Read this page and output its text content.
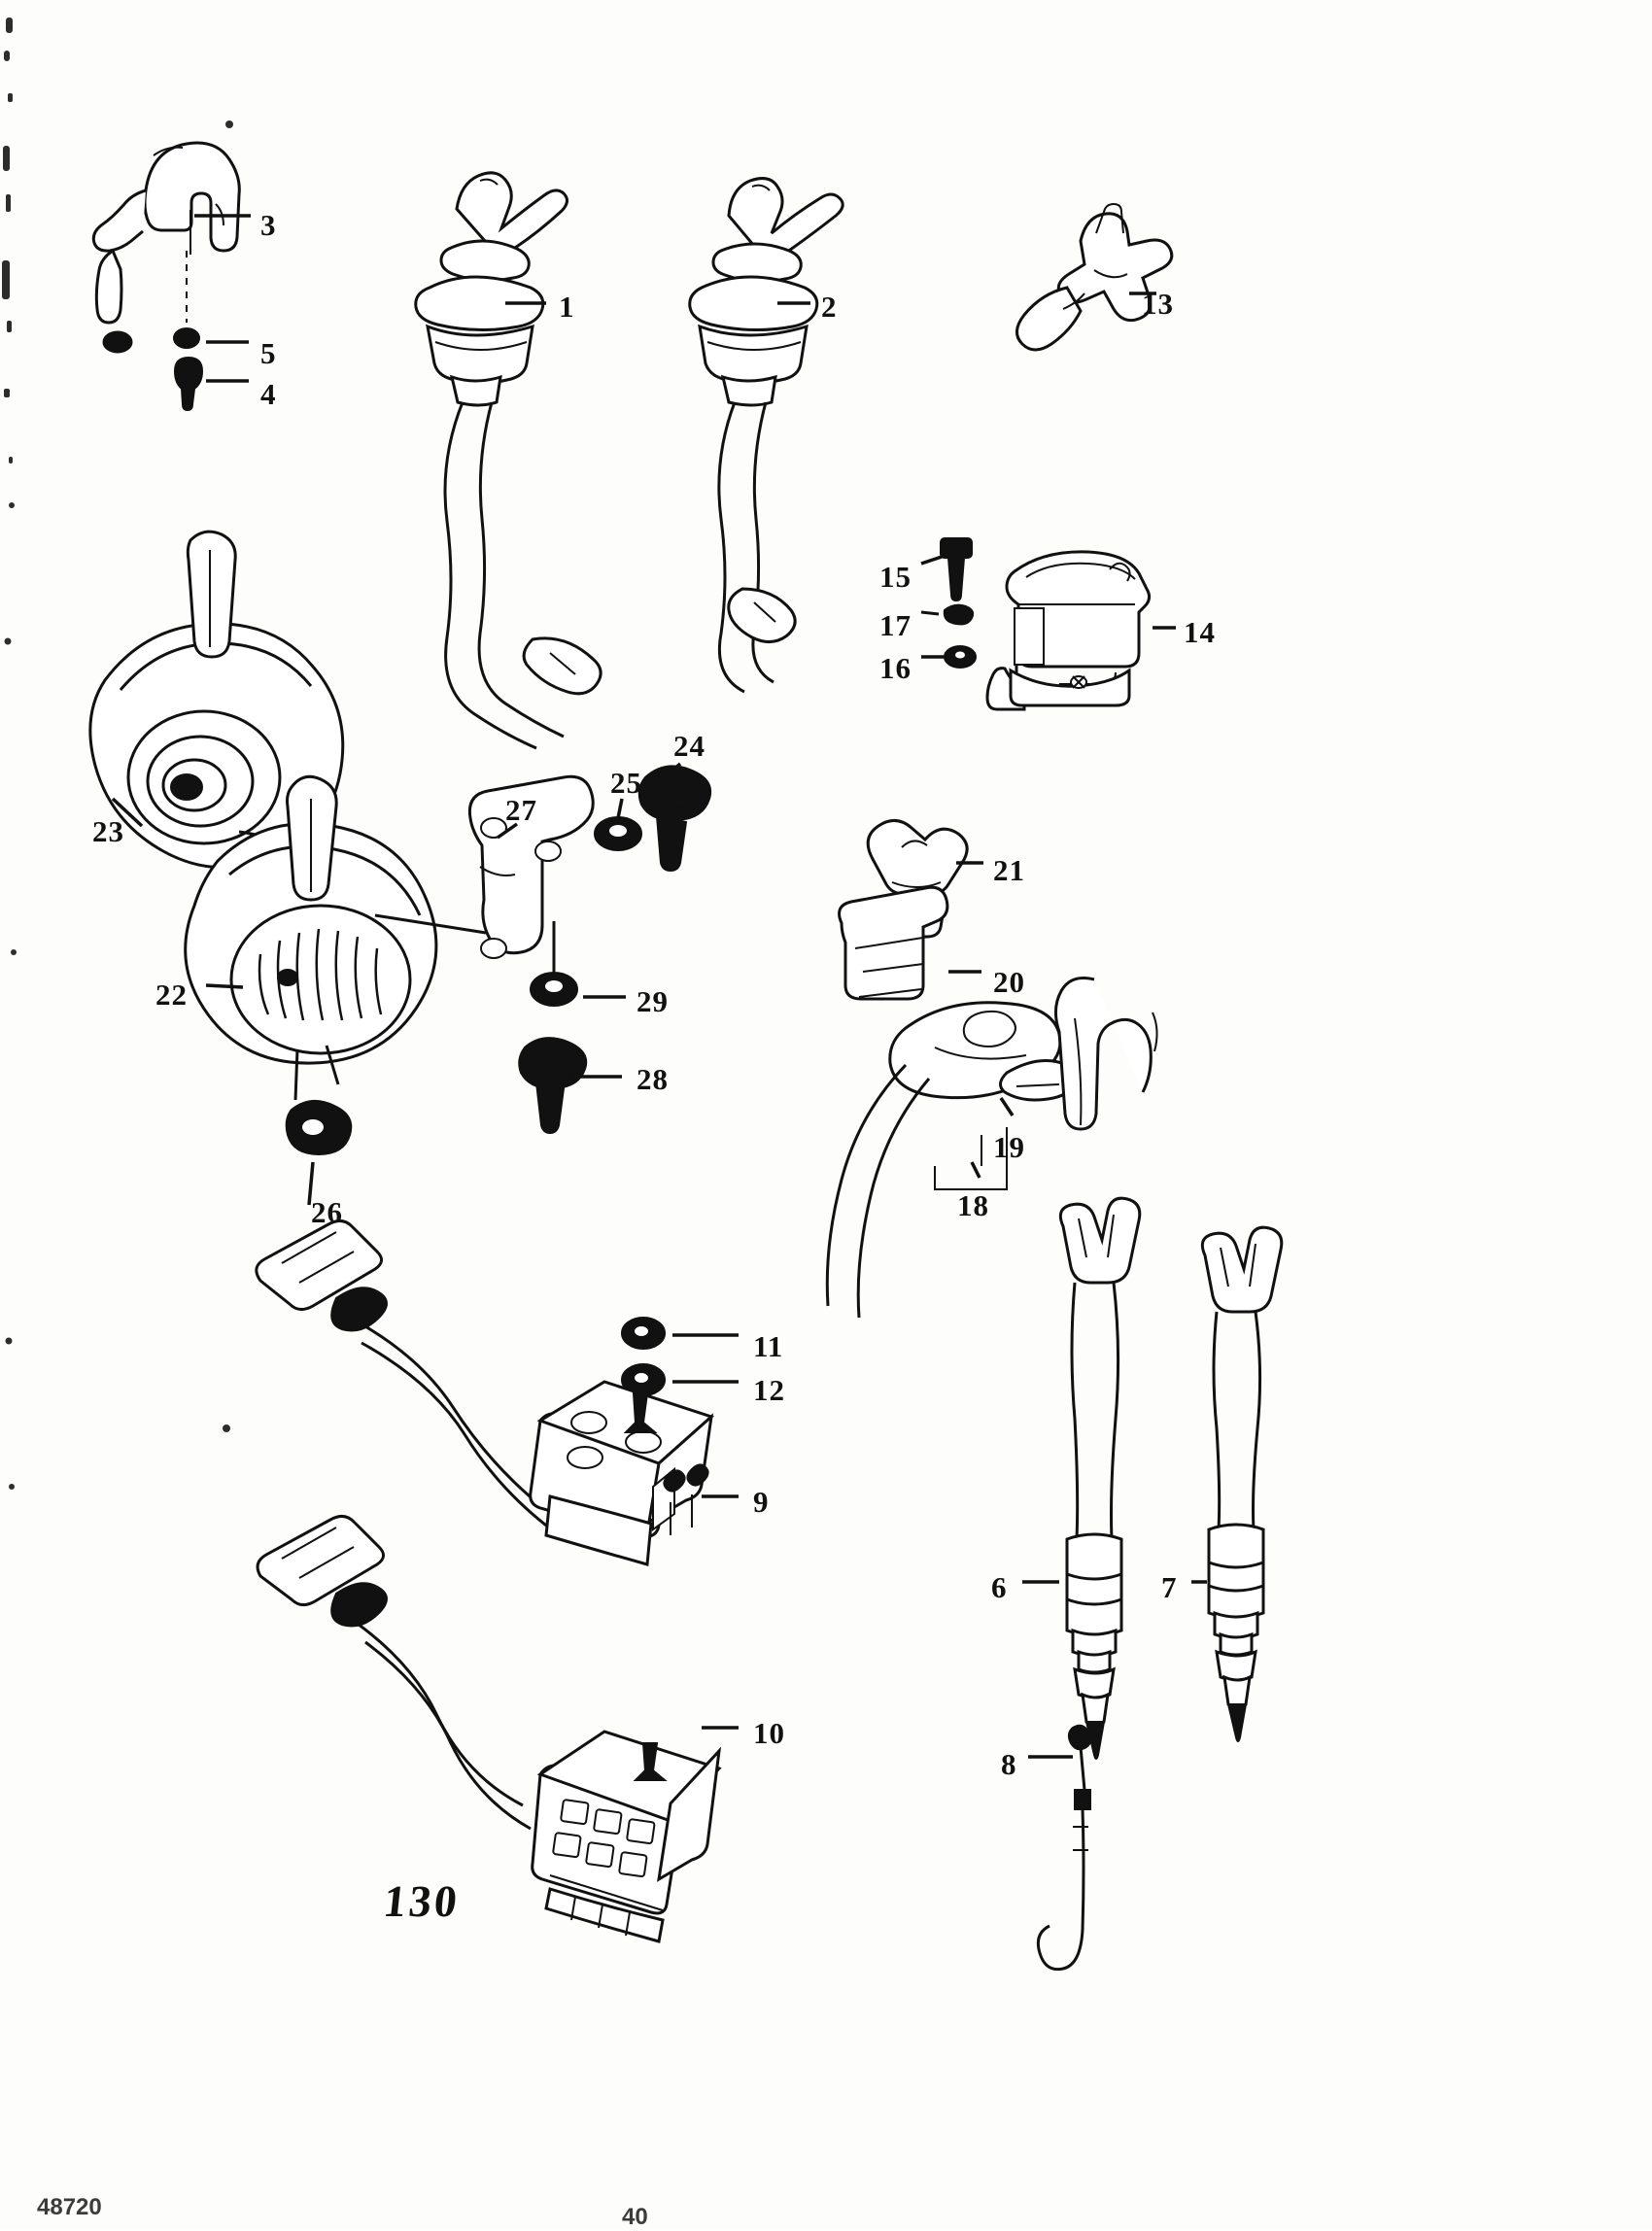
1	2
3
4
5
6	7
8
9
10
11
12
13
14
15
16
17
18
19
20
21
22
23
24
25
26
27
28
29
130
48720	40
